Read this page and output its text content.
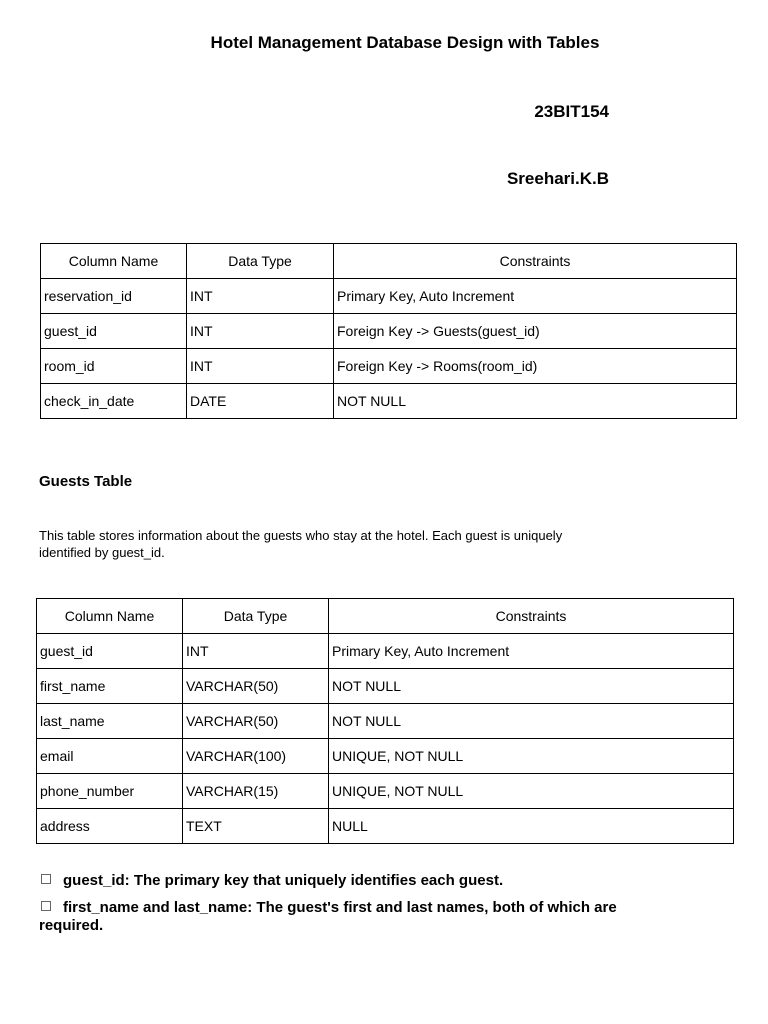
Hotel Management Database Design with Tables
23BIT154
Sreehari.K.B
Column Name	Data Type	Constraints
reservation_id	INT	Primary Key, Auto Increment
guest_id	INT	Foreign Key -> Guests(guest_id)
room_id	INT	Foreign Key -> Rooms(room_id)
check_in_date	DATE	NOT NULL
Guests Table
This table stores information about the guests who stay at the hotel. Each guest is uniquely identified by guest_id.
Column Name	Data Type	Constraints
guest_id	INT	Primary Key, Auto Increment
first_name	VARCHAR(50)	NOT NULL
last_name	VARCHAR(50)	NOT NULL
email	VARCHAR(100)	UNIQUE, NOT NULL
phone_number	VARCHAR(15)	UNIQUE, NOT NULL
address	TEXT	NULL
guest_id: The primary key that uniquely identifies each guest.
first_name and last_name: The guest's first and last names, both of which are required.
